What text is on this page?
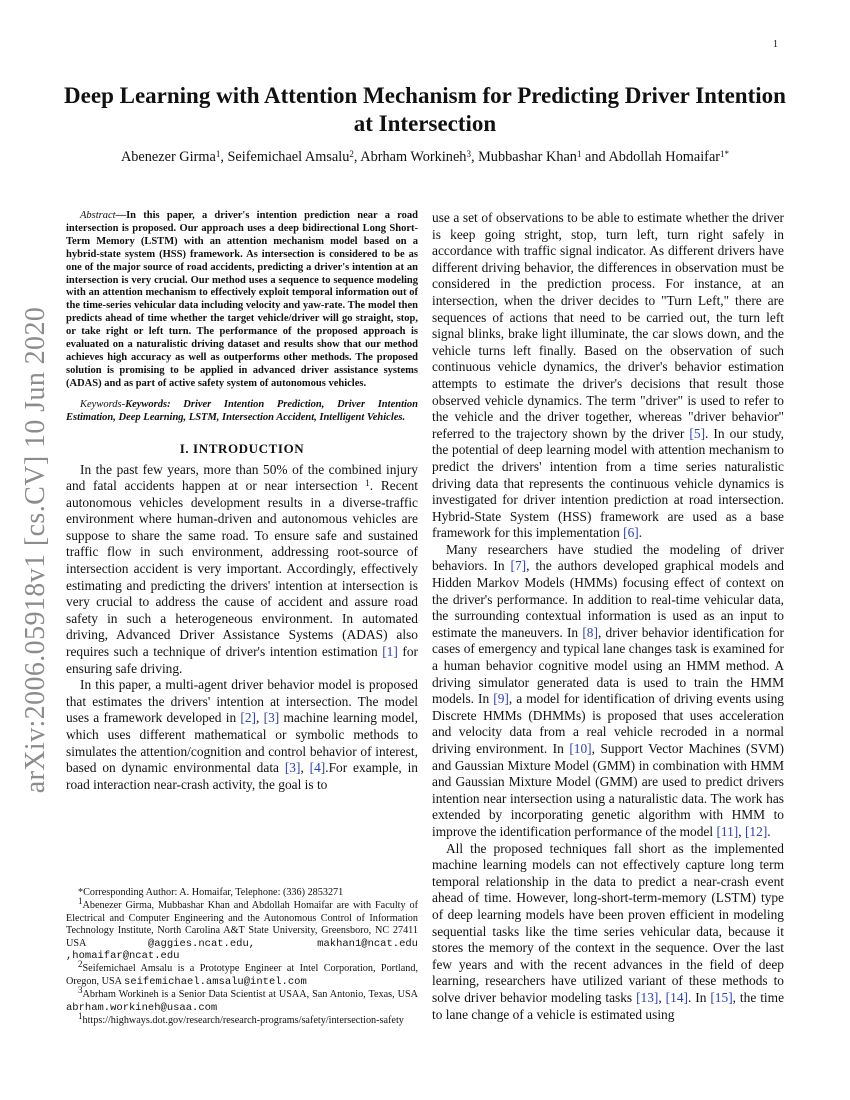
1
arXiv:2006.05918v1 [cs.CV] 10 Jun 2020
Deep Learning with Attention Mechanism for Predicting Driver Intention at Intersection
Abenezer Girma$^1$, Seifemichael Amsalu$^2$, Abrham Workineh$^3$, Mubbashar Khan$^1$ and Abdollah Homaifar$^{1*}$

Abstract—In this paper, a driver's intention prediction near a road intersection is proposed. Our approach uses a deep bidirectional Long Short-Term Memory (LSTM) with an attention mechanism model based on a hybrid-state system (HSS) framework. As intersection is considered to be as one of the major source of road accidents, predicting a driver's intention at an intersection is very crucial. Our method uses a sequence to sequence modeling with an attention mechanism to effectively exploit temporal information out of the time-series vehicular data including velocity and yaw-rate. The model then predicts ahead of time whether the target vehicle/driver will go straight, stop, or take right or left turn. The performance of the proposed approach is evaluated on a naturalistic driving dataset and results show that our method achieves high accuracy as well as outperforms other methods. The proposed solution is promising to be applied in advanced driver assistance systems (ADAS) and as part of active safety system of autonomous vehicles.

Keywords-Keywords: Driver Intention Prediction, Driver Intention Estimation, Deep Learning, LSTM, Intersection Accident, Intelligent Vehicles.

I. INTRODUCTION

In the past few years, more than 50% of the combined injury and fatal accidents happen at or near intersection $^1$. Recent autonomous vehicles development results in a diverse-traffic environment where human-driven and autonomous vehicles are suppose to share the same road. To ensure safe and sustained traffic flow in such environment, addressing root-source of intersection accident is very important. Accordingly, effectively estimating and predicting the drivers' intention at intersection is very crucial to address the cause of accident and assure road safety in such a heterogeneous environment. In automated driving, Advanced Driver Assistance Systems (ADAS) also requires such a technique of driver's intention estimation [1] for ensuring safe driving.

In this paper, a multi-agent driver behavior model is proposed that estimates the drivers' intention at intersection. The model uses a framework developed in [2], [3] machine learning model, which uses different mathematical or symbolic methods to simulates the attention/cognition and control behavior of interest, based on dynamic environmental data [3], [4].For example, in road interaction near-crash activity, the goal is to

use a set of observations to be able to estimate whether the driver is keep going stright, stop, turn left, turn right safely in accordance with traffic signal indicator. As different drivers have different driving behavior, the differences in observation must be considered in the prediction process. For instance, at an intersection, when the driver decides to "Turn Left," there are sequences of actions that need to be carried out, the turn left signal blinks, brake light illuminate, the car slows down, and the vehicle turns left finally. Based on the observation of such continuous vehicle dynamics, the driver's behavior estimation attempts to estimate the driver's decisions that result those observed vehicle dynamics. The term "driver" is used to refer to the vehicle and the driver together, whereas "driver behavior" referred to the trajectory shown by the driver [5]. In our study, the potential of deep learning model with attention mechanism to predict the drivers' intention from a time series naturalistic driving data that represents the continuous vehicle dynamics is investigated for driver intention prediction at road intersection. Hybrid-State System (HSS) framework are used as a base framework for this implementation [6].

Many researchers have studied the modeling of driver behaviors. In [7], the authors developed graphical models and Hidden Markov Models (HMMs) focusing effect of context on the driver's performance. In addition to real-time vehicular data, the surrounding contextual information is used as an input to estimate the maneuvers. In [8], driver behavior identification for cases of emergency and typical lane changes task is examined for a human behavior cognitive model using an HMM method. A driving simulator generated data is used to train the HMM models. In [9], a model for identification of driving events using Discrete HMMs (DHMMs) is proposed that uses acceleration and velocity data from a real vehicle recroded in a normal driving environment. In [10], Support Vector Machines (SVM) and Gaussian Mixture Model (GMM) in combination with HMM and Gaussian Mixture Model (GMM) are used to predict drivers intention near intersection using a naturalistic data. The work has extended by incorporating genetic algorithm with HMM to improve the identification performance of the model [11], [12].

All the proposed techniques fall short as the implemented machine learning models can not effectively capture long term temporal relationship in the data to predict a near-crash event ahead of time. However, long-short-term-memory (LSTM) type of deep learning models have been proven efficient in modeling sequential tasks like the time series vehicular data, because it stores the memory of the context in the sequence. Over the last few years and with the recent advances in the field of deep learning, researchers have utilized variant of these methods to solve driver behavior modeling tasks [13], [14]. In [15], the time to lane change of a vehicle is estimated using

*Corresponding Author: A. Homaifar, Telephone: (336) 2853271

$^1$Abenezer Girma, Mubbashar Khan and Abdollah Homaifar are with Faculty of Electrical and Computer Engineering and the Autonomous Control of Information Technology Institute, North Carolina A&T State University, Greensboro, NC 27411 USA @aggies.ncat.edu,	makhan1@ncat.edu ,homaifar@ncat.edu

$^2$Seifemichael Amsalu is a Prototype Engineer at Intel Corporation, Portland, Oregon, USA seifemichael.amsalu@intel.com

$^3$Abrham Workineh is a Senior Data Scientist at USAA, San Antonio, Texas, USA abrham.workineh@usaa.com

$^1$https://highways.dot.gov/research/research-programs/safety/intersection-safety
